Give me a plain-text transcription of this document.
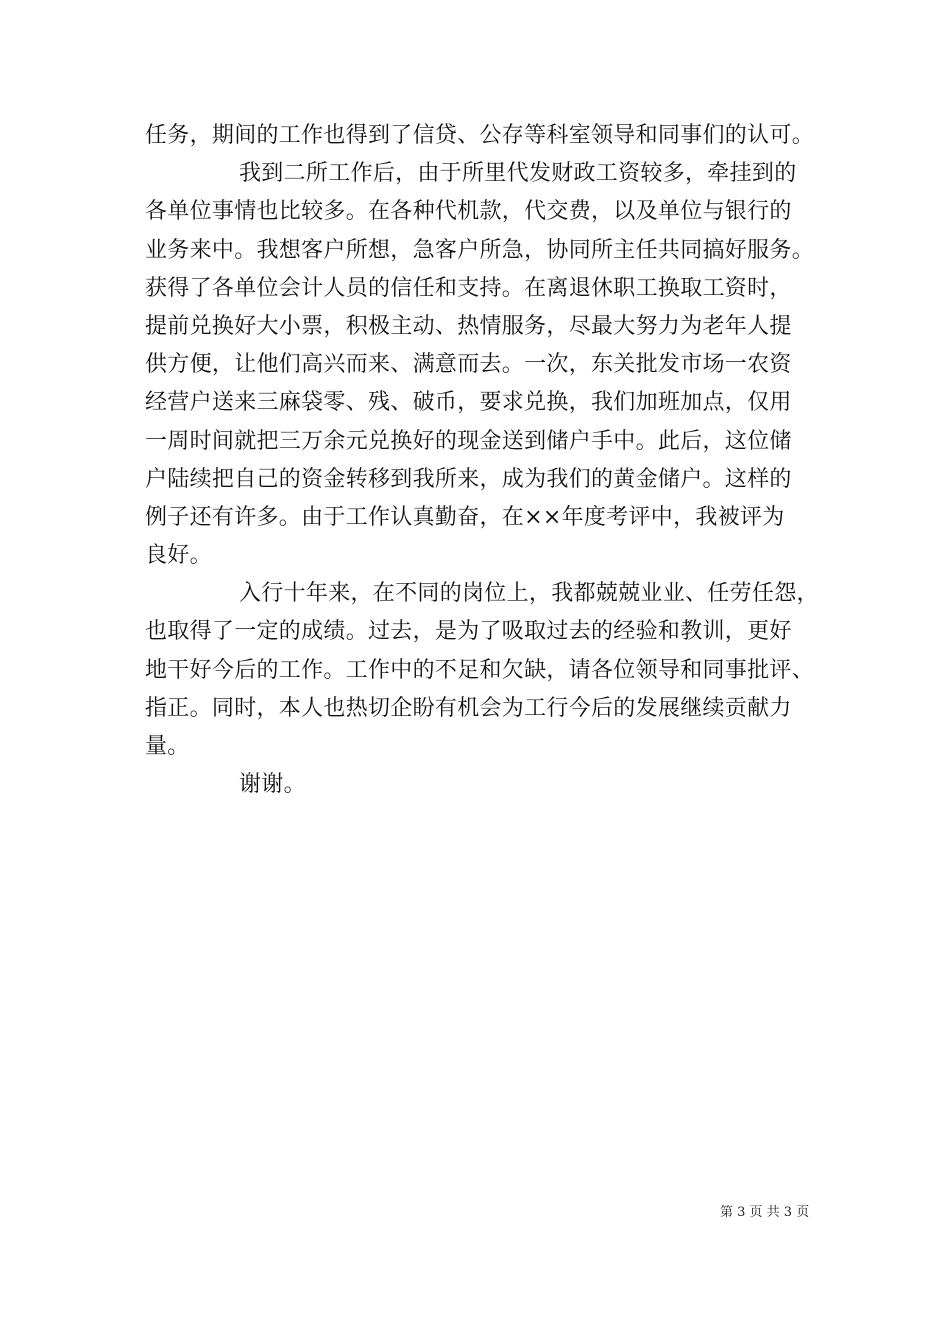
任务，期间的工作也得到了信贷、公存等科室领导和同事们的认可。
我到二所工作后，由于所里代发财政工资较多，牵挂到的
各单位事情也比较多。在各种代机款，代交费，以及单位与银行的
业务来中。我想客户所想，急客户所急，协同所主任共同搞好服务。
获得了各单位会计人员的信任和支持。在离退休职工换取工资时，
提前兑换好大小票，积极主动、热情服务，尽最大努力为老年人提
供方便，让他们高兴而来、满意而去。一次，东关批发市场一农资
经营户送来三麻袋零、残、破币，要求兑换，我们加班加点，仅用
一周时间就把三万余元兑换好的现金送到储户手中。此后，这位储
户陆续把自己的资金转移到我所来，成为我们的黄金储户。这样的
例子还有许多。由于工作认真勤奋，在××年度考评中，我被评为
良好。
入行十年来，在不同的岗位上，我都兢兢业业、任劳任怨，
也取得了一定的成绩。过去，是为了吸取过去的经验和教训，更好
地干好今后的工作。工作中的不足和欠缺，请各位领导和同事批评、
指正。同时，本人也热切企盼有机会为工行今后的发展继续贡献力
量。
谢谢。
第 3 页 共 3 页
